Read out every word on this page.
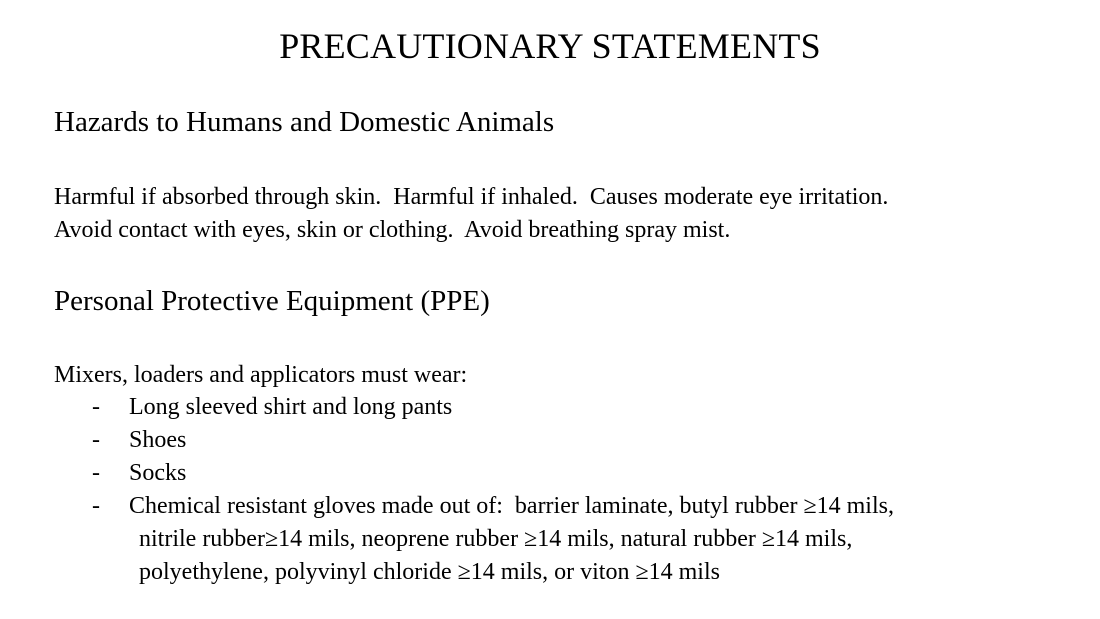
PRECAUTIONARY STATEMENTS
Hazards to Humans and Domestic Animals
Harmful if absorbed through skin.  Harmful if inhaled.  Causes moderate eye irritation.
Avoid contact with eyes, skin or clothing.  Avoid breathing spray mist.
Personal Protective Equipment (PPE)
Mixers, loaders and applicators must wear:
- Long sleeved shirt and long pants
- Shoes
- Socks
- Chemical resistant gloves made out of:  barrier laminate, butyl rubber ≥14 mils,
nitrile rubber≥14 mils, neoprene rubber ≥14 mils, natural rubber ≥14 mils,
polyethylene, polyvinyl chloride ≥14 mils, or viton ≥14 mils
